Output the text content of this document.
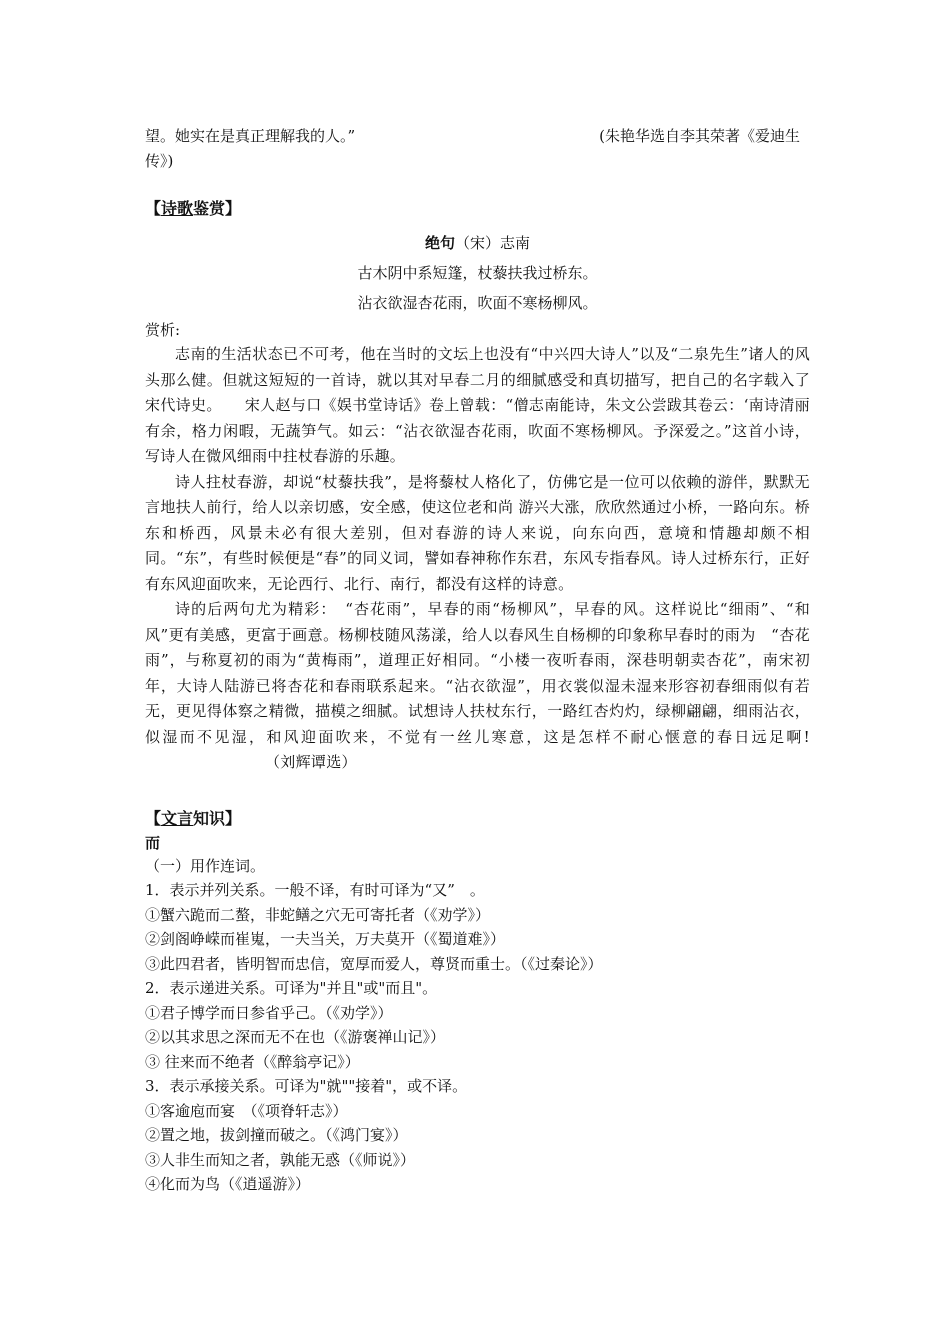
望。她实在是真正理解我的人。”	(朱艳华选自李其荣著《爱迪生
传》)
【诗歌鉴赏】
绝句（宋）志南
古木阴中系短篷，杖藜扶我过桥东。
沾衣欲湿杏花雨，吹面不寒杨柳风。
赏析:
志南的生活状态已不可考，他在当时的文坛上也没有“中兴四大诗人”以及“二泉先生”诸人的风头那么健。但就这短短的一首诗，就以其对早春二月的细腻感受和真切描写，把自己的名字载入了宋代诗史。　　宋人赵与口《娱书堂诗话》卷上曾载：“僧志南能诗，朱文公尝跋其卷云：‘南诗清丽有余，格力闲暇，无蔬笋气。如云：“沾衣欲湿杏花雨，吹面不寒杨柳风。予深爱之。”这首小诗，写诗人在微风细雨中拄杖春游的乐趣。
诗人拄杖春游，却说“杖藜扶我”，是将藜杖人格化了，仿佛它是一位可以依赖的游伴，默默无言地扶人前行，给人以亲切感，安全感，使这位老和尚 游兴大涨，欣欣然通过小桥，一路向东。桥东和桥西，风景未必有很大差别，但对春游的诗人来说，向东向西，意境和情趣却颇不相同。“东”，有些时候便是“春”的同义词，譬如春神称作东君，东风专指春风。诗人过桥东行，正好有东风迎面吹来，无论西行、北行、南行，都没有这样的诗意。
诗的后两句尤为精彩：　“杏花雨”，早春的雨“杨柳风”，早春的风。这样说比“细雨”、“和风”更有美感，更富于画意。杨柳枝随风荡漾，给人以春风生自杨柳的印象称早春时的雨为　“杏花雨”，与称夏初的雨为“黄梅雨”，道理正好相同。“小楼一夜听春雨，深巷明朝卖杏花”，南宋初年，大诗人陆游已将杏花和春雨联系起来。“沾衣欲湿”，用衣裳似湿未湿来形容初春细雨似有若无，更见得体察之精微，描模之细腻。试想诗人扶杖东行，一路红杏灼灼，绿柳翩翩，细雨沾衣，似湿而不见湿，和风迎面吹来，不觉有一丝儿寒意，这是怎样不耐心惬意的春日远足啊!（刘辉谭选）
【文言知识】
而
（一）用作连词。
1．表示并列关系。一般不译，有时可译为“又”　。
①蟹六跪而二螯，非蛇鳝之穴无可寄托者（《劝学》）
②剑阁峥嵘而崔嵬，一夫当关，万夫莫开（《蜀道难》）
③此四君者，皆明智而忠信，宽厚而爱人，尊贤而重士。（《过秦论》）
2．表示递进关系。可译为"并且"或"而且"。
①君子博学而日参省乎己。（《劝学》）
②以其求思之深而无不在也（《游褒禅山记》）
③ 往来而不绝者（《醉翁亭记》）
3．表示承接关系。可译为"就""接着"，或不译。
①客逾庖而宴　（《项脊轩志》）
②置之地，拔剑撞而破之。（《鸿门宴》）
③人非生而知之者，孰能无惑（《师说》）
④化而为鸟（《逍遥游》）
